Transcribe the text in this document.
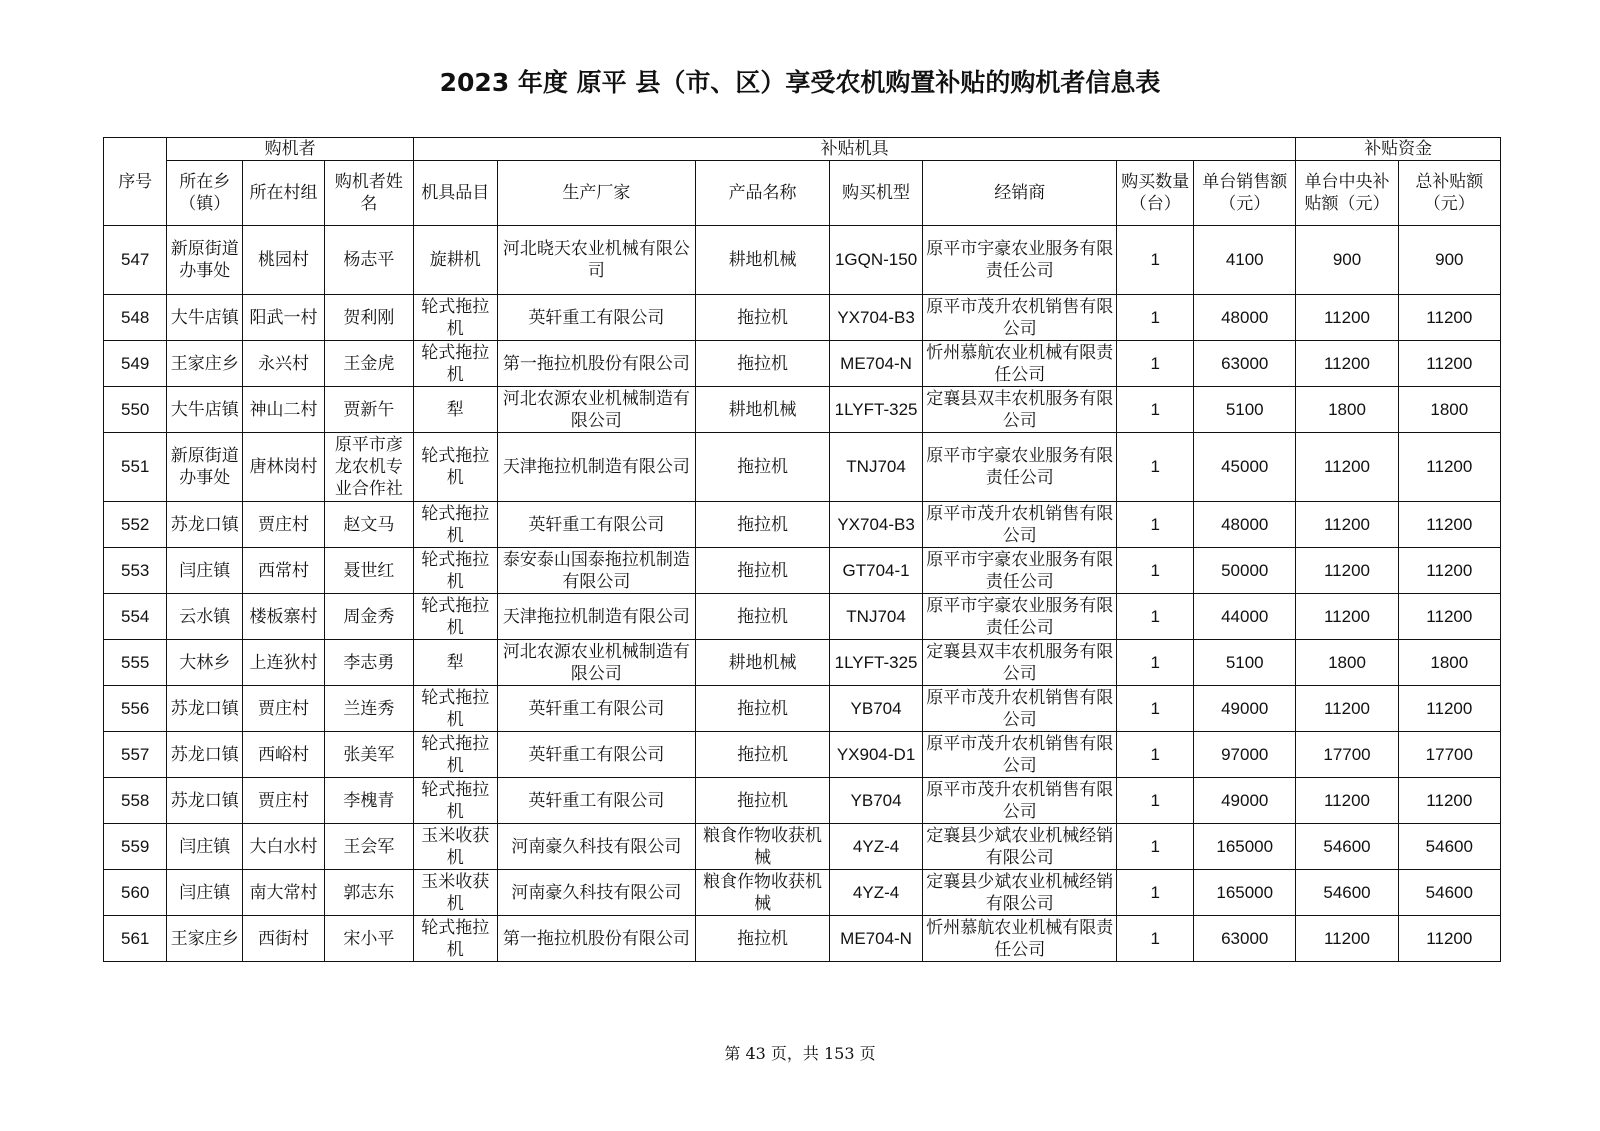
2023 年度 原平 县（市、区）享受农机购置补贴的购机者信息表
序号	购机者			补贴机具							补贴资金	
	所在乡（镇）	所在村组	购机者姓名	机具品目	生产厂家	产品名称	购买机型	经销商	购买数量（台）	单台销售额（元）	单台中央补贴额（元）	总补贴额（元）
547	新原街道办事处	桃园村	杨志平	旋耕机	河北晓天农业机械有限公司	耕地机械	1GQN-150	原平市宇豪农业服务有限责任公司	1	4100	900	900
548	大牛店镇	阳武一村	贺利刚	轮式拖拉机	英轩重工有限公司	拖拉机	YX704-B3	原平市茂升农机销售有限公司	1	48000	11200	11200
549	王家庄乡	永兴村	王金虎	轮式拖拉机	第一拖拉机股份有限公司	拖拉机	ME704-N	忻州慕航农业机械有限责任公司	1	63000	11200	11200
550	大牛店镇	神山二村	贾新午	犁	河北农源农业机械制造有限公司	耕地机械	1LYFT-325	定襄县双丰农机服务有限公司	1	5100	1800	1800
551	新原街道办事处	唐林岗村	原平市彦龙农机专业合作社	轮式拖拉机	天津拖拉机制造有限公司	拖拉机	TNJ704	原平市宇豪农业服务有限责任公司	1	45000	11200	11200
552	苏龙口镇	贾庄村	赵文马	轮式拖拉机	英轩重工有限公司	拖拉机	YX704-B3	原平市茂升农机销售有限公司	1	48000	11200	11200
553	闫庄镇	西常村	聂世红	轮式拖拉机	泰安泰山国泰拖拉机制造有限公司	拖拉机	GT704-1	原平市宇豪农业服务有限责任公司	1	50000	11200	11200
554	云水镇	楼板寨村	周金秀	轮式拖拉机	天津拖拉机制造有限公司	拖拉机	TNJ704	原平市宇豪农业服务有限责任公司	1	44000	11200	11200
555	大林乡	上连狄村	李志勇	犁	河北农源农业机械制造有限公司	耕地机械	1LYFT-325	定襄县双丰农机服务有限公司	1	5100	1800	1800
556	苏龙口镇	贾庄村	兰连秀	轮式拖拉机	英轩重工有限公司	拖拉机	YB704	原平市茂升农机销售有限公司	1	49000	11200	11200
557	苏龙口镇	西峪村	张美军	轮式拖拉机	英轩重工有限公司	拖拉机	YX904-D1	原平市茂升农机销售有限公司	1	97000	17700	17700
558	苏龙口镇	贾庄村	李槐青	轮式拖拉机	英轩重工有限公司	拖拉机	YB704	原平市茂升农机销售有限公司	1	49000	11200	11200
559	闫庄镇	大白水村	王会军	玉米收获机	河南豪久科技有限公司	粮食作物收获机械	4YZ-4	定襄县少斌农业机械经销有限公司	1	165000	54600	54600
560	闫庄镇	南大常村	郭志东	玉米收获机	河南豪久科技有限公司	粮食作物收获机械	4YZ-4	定襄县少斌农业机械经销有限公司	1	165000	54600	54600
561	王家庄乡	西街村	宋小平	轮式拖拉机	第一拖拉机股份有限公司	拖拉机	ME704-N	忻州慕航农业机械有限责任公司	1	63000	11200	11200
第 43 页，共 153 页
